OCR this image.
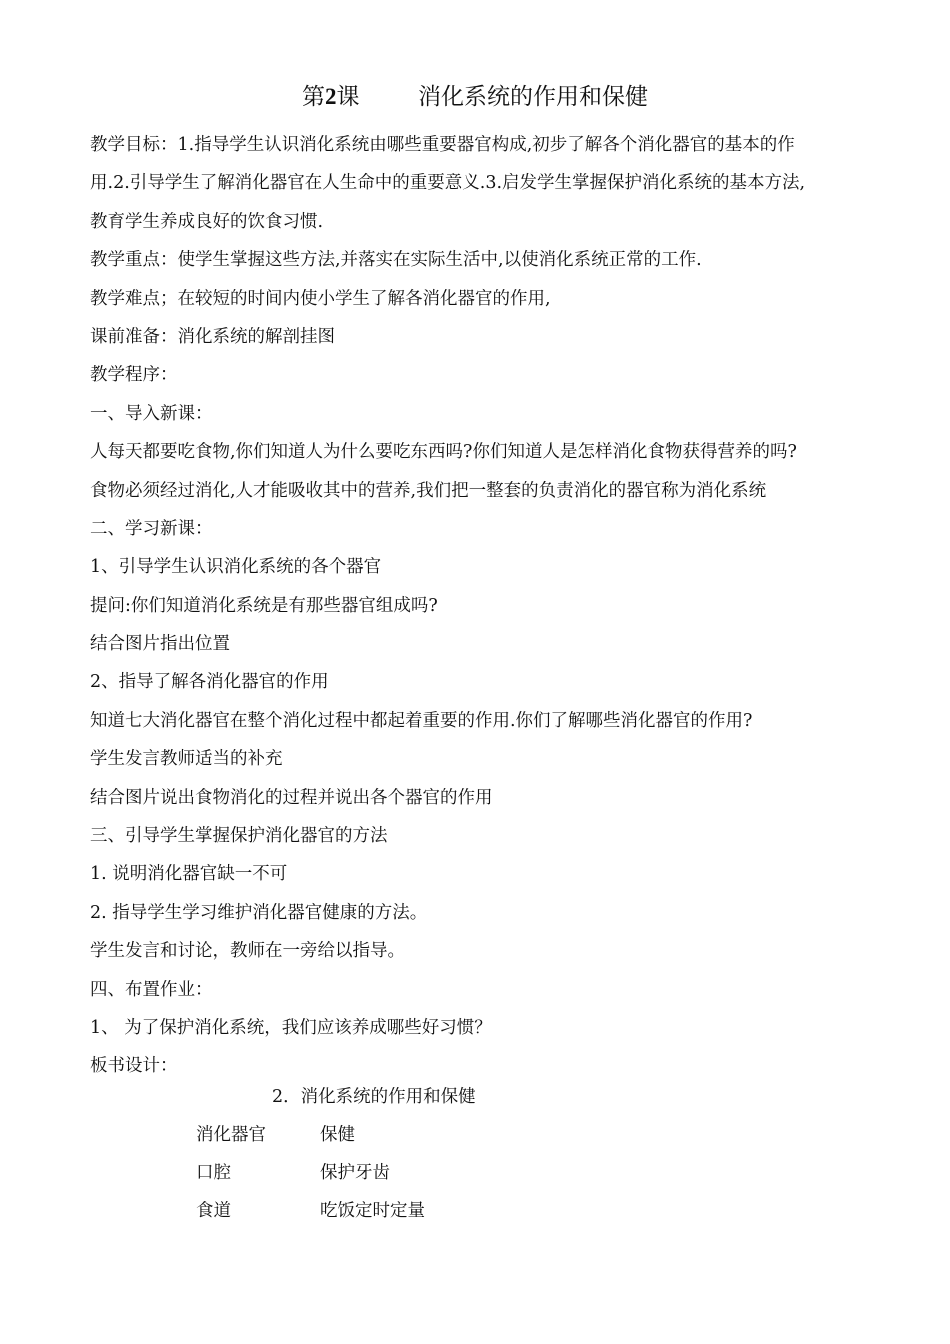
第2课        消化系统的作用和保健
教学目标：1.指导学生认识消化系统由哪些重要器官构成,初步了解各个消化器官的基本的作
用.2.引导学生了解消化器官在人生命中的重要意义.3.启发学生掌握保护消化系统的基本方法,
教育学生养成良好的饮食习惯.
教学重点：使学生掌握这些方法,并落实在实际生活中,以使消化系统正常的工作.
教学难点；在较短的时间内使小学生了解各消化器官的作用,
课前准备：消化系统的解剖挂图
教学程序：
一、导入新课：
人每天都要吃食物,你们知道人为什么要吃东西吗?你们知道人是怎样消化食物获得营养的吗?
食物必须经过消化,人才能吸收其中的营养,我们把一整套的负责消化的器官称为消化系统
二、学习新课：
1、引导学生认识消化系统的各个器官
提问:你们知道消化系统是有那些器官组成吗?
结合图片指出位置
2、指导了解各消化器官的作用
知道七大消化器官在整个消化过程中都起着重要的作用.你们了解哪些消化器官的作用?
学生发言教师适当的补充
结合图片说出食物消化的过程并说出各个器官的作用
三、引导学生掌握保护消化器官的方法
1. 说明消化器官缺一不可
2. 指导学生学习维护消化器官健康的方法。
学生发言和讨论，教师在一旁给以指导。
四、布置作业：
1、 为了保护消化系统，我们应该养成哪些好习惯？
板书设计：
2．消化系统的作用和保健
消化器官	保健
口腔	保护牙齿
食道	吃饭定时定量
